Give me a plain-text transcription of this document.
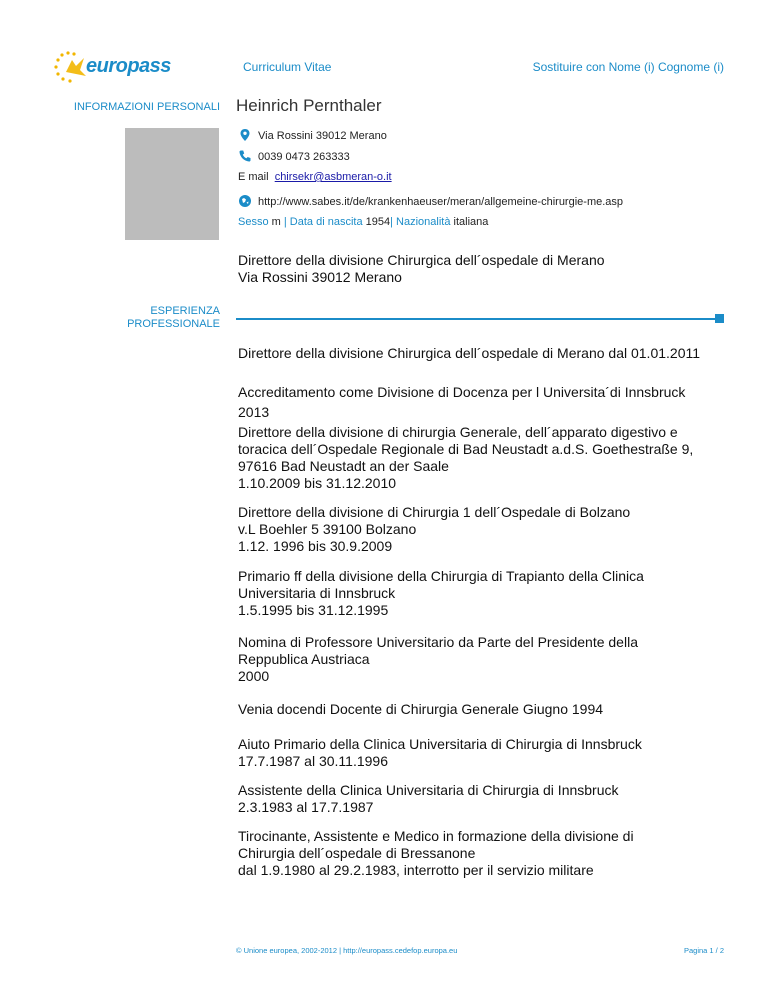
europass	Curriculum Vitae	Sostituire con Nome (i) Cognome (i)
INFORMAZIONI PERSONALI Heinrich Pernthaler
Via Rossini 39012 Merano
0039 0473 263333
E mail chirsekr@asbmeran-o.it
http://www.sabes.it/de/krankenhaeuser/meran/allgemeine-chirurgie-me.asp
Sesso m | Data di nascita 1954| Nazionalità italiana
Direttore della divisione Chirurgica dell´ospedale di Merano
Via Rossini 39012 Merano
ESPERIENZA
PROFESSIONALE
Direttore della divisione Chirurgica dell´ospedale di Merano dal 01.01.2011
Accreditamento come Divisione di Docenza per l Universita´di Innsbruck
2013
Direttore della divisione di chirurgia Generale, dell´apparato digestivo e
toracica dell´Ospedale Regionale di Bad Neustadt a.d.S. Goethestraße 9,
97616 Bad Neustadt an der Saale
1.10.2009 bis 31.12.2010
Direttore della divisione di Chirurgia 1 dell´Ospedale di Bolzano
v.L Boehler 5 39100 Bolzano
1.12. 1996 bis 30.9.2009
Primario ff della divisione della Chirurgia di Trapianto della Clinica
Universitaria di Innsbruck
1.5.1995 bis 31.12.1995
Nomina di Professore Universitario da Parte del Presidente della
Reppublica Austriaca
2000
Venia docendi Docente di Chirurgia Generale Giugno 1994
Aiuto Primario della Clinica Universitaria di Chirurgia di Innsbruck
17.7.1987 al 30.11.1996
Assistente della Clinica Universitaria di Chirurgia di Innsbruck
2.3.1983 al 17.7.1987
Tirocinante, Assistente e Medico in formazione della divisione di
Chirurgia dell´ospedale di Bressanone
dal 1.9.1980 al 29.2.1983, interrotto per il servizio militare
© Unione europea, 2002-2012 | http://europass.cedefop.europa.eu	Pagina 1 / 2
